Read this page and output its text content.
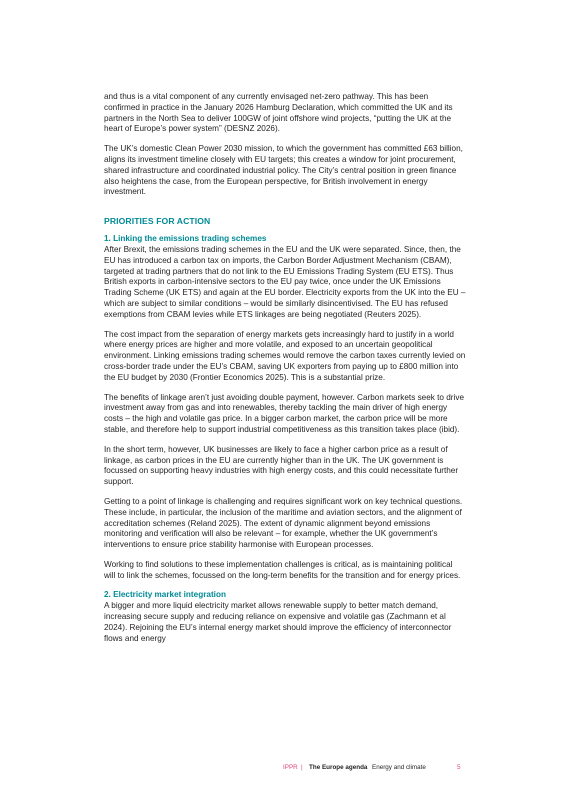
and thus is a vital component of any currently envisaged net-zero pathway. This has been confirmed in practice in the January 2026 Hamburg Declaration, which committed the UK and its partners in the North Sea to deliver 100GW of joint offshore wind projects, “putting the UK at the heart of Europe’s power system” (DESNZ 2026).

The UK’s domestic Clean Power 2030 mission, to which the government has committed £63 billion, aligns its investment timeline closely with EU targets; this creates a window for joint procurement, shared infrastructure and coordinated industrial policy. The City’s central position in green finance also heightens the case, from the European perspective, for British involvement in energy investment.

PRIORITIES FOR ACTION
1. Linking the emissions trading schemes

After Brexit, the emissions trading schemes in the EU and the UK were separated. Since, then, the EU has introduced a carbon tax on imports, the Carbon Border Adjustment Mechanism (CBAM), targeted at trading partners that do not link to the EU Emissions Trading System (EU ETS). Thus British exports in carbon-intensive sectors to the EU pay twice, once under the UK Emissions Trading Scheme (UK ETS) and again at the EU border. Electricity exports from the UK into the EU – which are subject to similar conditions – would be similarly disincentivised. The EU has refused exemptions from CBAM levies while ETS linkages are being negotiated (Reuters 2025).

The cost impact from the separation of energy markets gets increasingly hard to justify in a world where energy prices are higher and more volatile, and exposed to an uncertain geopolitical environment. Linking emissions trading schemes would remove the carbon taxes currently levied on cross-border trade under the EU’s CBAM, saving UK exporters from paying up to £800 million into the EU budget by 2030 (Frontier Economics 2025). This is a substantial prize.

The benefits of linkage aren’t just avoiding double payment, however. Carbon markets seek to drive investment away from gas and into renewables, thereby tackling the main driver of high energy costs – the high and volatile gas price. In a bigger carbon market, the carbon price will be more stable, and therefore help to support industrial competitiveness as this transition takes place (ibid).

In the short term, however, UK businesses are likely to face a higher carbon price as a result of linkage, as carbon prices in the EU are currently higher than in the UK. The UK government is focussed on supporting heavy industries with high energy costs, and this could necessitate further support.

Getting to a point of linkage is challenging and requires significant work on key technical questions. These include, in particular, the inclusion of the maritime and aviation sectors, and the alignment of accreditation schemes (Reland 2025). The extent of dynamic alignment beyond emissions monitoring and verification will also be relevant – for example, whether the UK government’s interventions to ensure price stability harmonise with European processes.

Working to find solutions to these implementation challenges is critical, as is maintaining political will to link the schemes, focussed on the long-term benefits for the transition and for energy prices.

2. Electricity market integration

A bigger and more liquid electricity market allows renewable supply to better match demand, increasing secure supply and reducing reliance on expensive and volatile gas (Zachmann et al 2024). Rejoining the EU’s internal energy market should improve the efficiency of interconnector flows and energy

IPPR | The Europe agenda Energy and climate	5
